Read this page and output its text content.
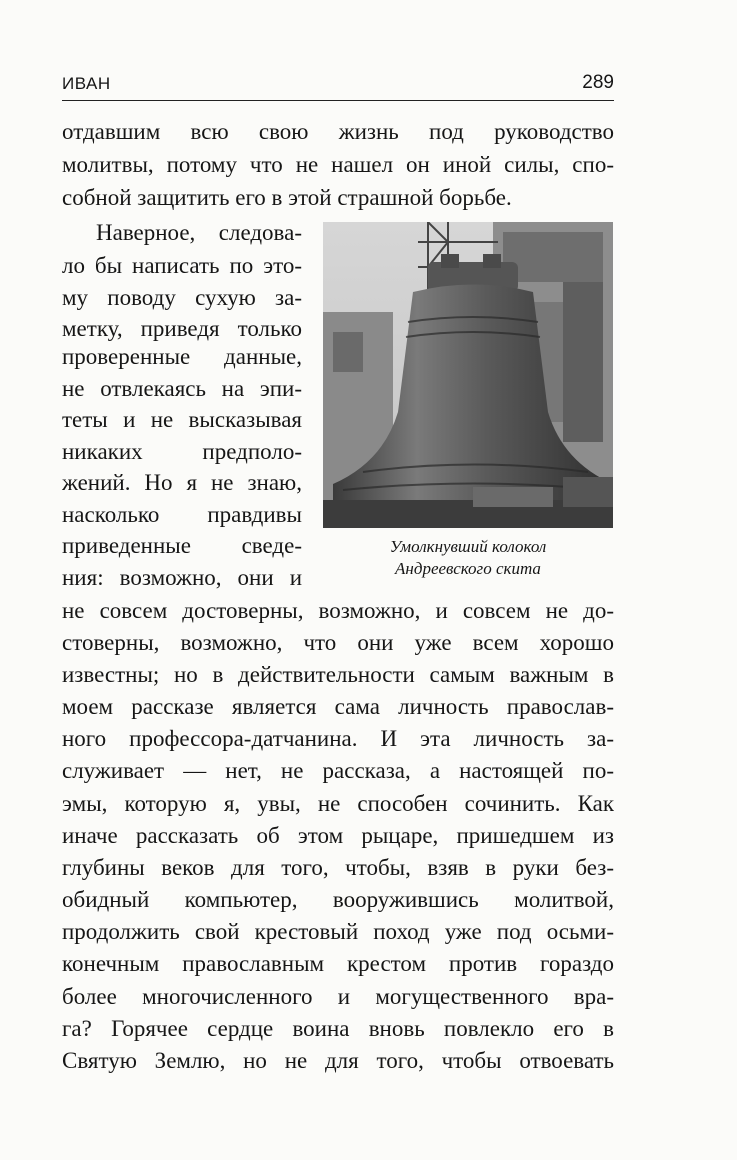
ИВАН	289
отдавшим всю свою жизнь под руководство
молитвы, потому что не нашел он иной силы, спо-
собной защитить его в этой страшной борьбе.
Наверное, следова-
ло бы написать по это-
му поводу сухую за-
метку, приведя только
проверенные данные,
не отвлекаясь на эпи-
теты и не высказывая
никаких предполо-
жений. Но я не знаю,
насколько правдивы
приведенные сведе-
ния: возможно, они и
Умолкнувший колокол
Андреевского скита
не совсем достоверны, возможно, и совсем не до-
стоверны, возможно, что они уже всем хорошо
известны; но в действительности самым важным в
моем рассказе является сама личность православ-
ного профессора-датчанина. И эта личность за-
служивает — нет, не рассказа, а настоящей по-
эмы, которую я, увы, не способен сочинить. Как
иначе рассказать об этом рыцаре, пришедшем из
глубины веков для того, чтобы, взяв в руки без-
обидный компьютер, вооружившись молитвой,
продолжить свой крестовый поход уже под осьми-
конечным православным крестом против гораздо
более многочисленного и могущественного вра-
га? Горячее сердце воина вновь повлекло его в
Святую Землю, но не для того, чтобы отвоевать
